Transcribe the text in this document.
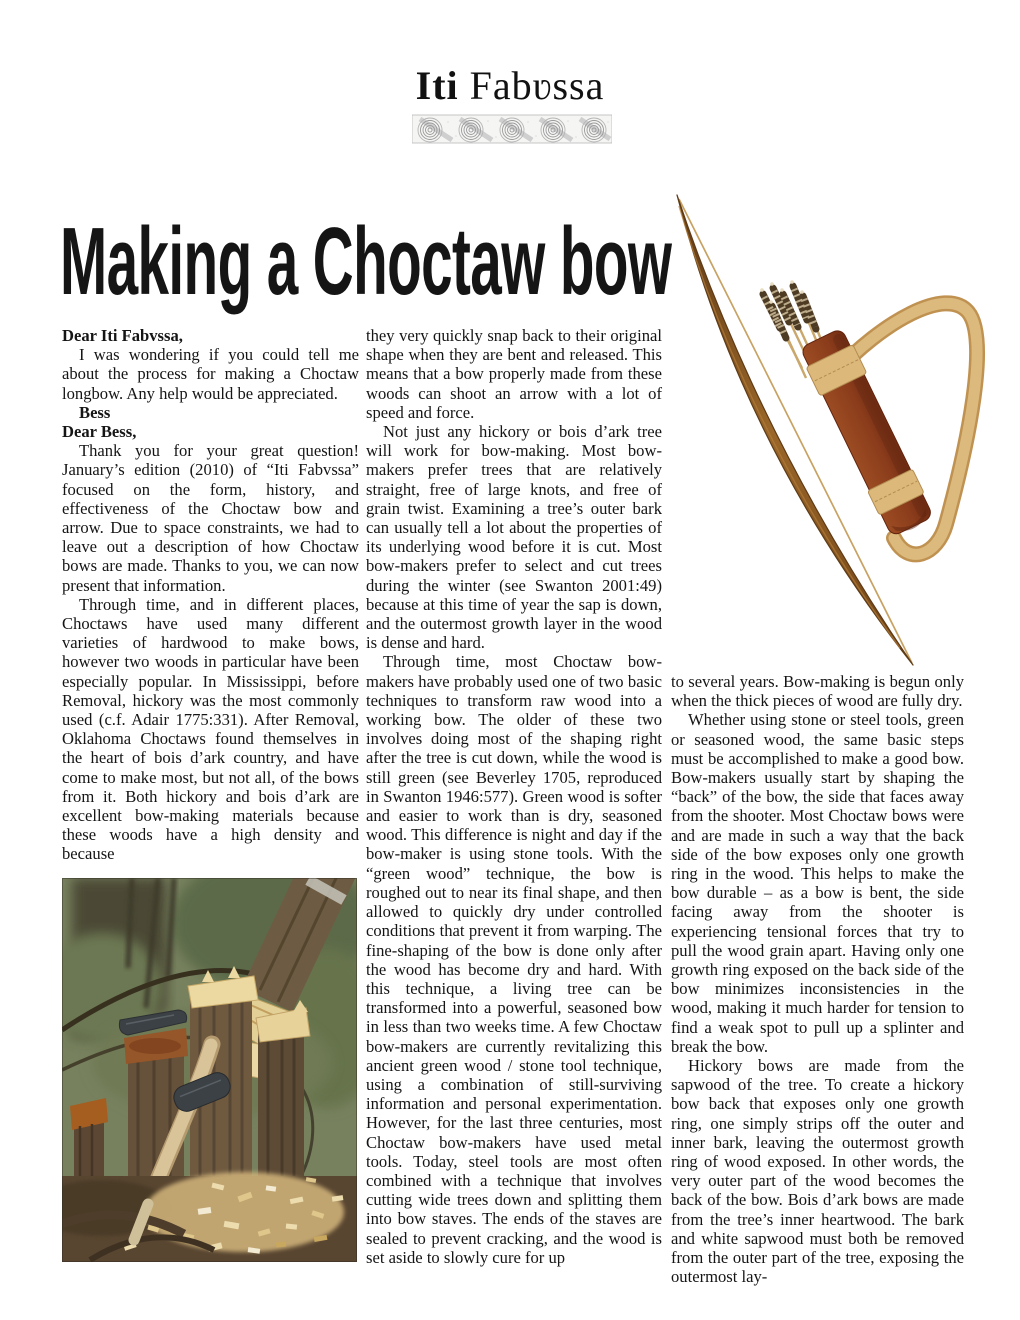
Iti Fabʋssa
Making a Choctaw bow

Dear Iti Fabvssa,

I was wondering if you could tell me about the process for making a Choctaw longbow. Any help would be appreciated.

Bess

Dear Bess,

Thank you for your great question! January’s edition (2010) of “Iti Fabvssa” focused on the form, history, and effectiveness of the Choctaw bow and arrow. Due to space constraints, we had to leave out a description of how Choctaw bows are made. Thanks to you, we can now present that information.

Through time, and in different places, Choctaws have used many different varieties of hardwood to make bows, however two woods in particular have been especially popular. In Mississippi, before Removal, hickory was the most commonly used (c.f. Adair 1775:331). After Removal, Oklahoma Choctaws found themselves in the heart of bois d’ark country, and have come to make most, but not all, of the bows from it. Both hickory and bois d’ark are excellent bow-making materials because these woods have a high density and because

they very quickly snap back to their original shape when they are bent and released. This means that a bow properly made from these woods can shoot an arrow with a lot of speed and force.

Not just any hickory or bois d’ark tree will work for bow-making. Most bow-makers prefer trees that are relatively straight, free of large knots, and free of grain twist. Examining a tree’s outer bark can usually tell a lot about the properties of its underlying wood before it is cut. Most bow-makers prefer to select and cut trees during the winter (see Swanton 2001:49) because at this time of year the sap is down, and the outermost growth layer in the wood is dense and hard.

Through time, most Choctaw bow-makers have probably used one of two basic techniques to transform raw wood into a working bow. The older of these two involves doing most of the shaping right after the tree is cut down, while the wood is still green (see Beverley 1705, reproduced in Swanton 1946:577). Green wood is softer and easier to work than is dry, seasoned wood. This difference is night and day if the bow-maker is using stone tools. With the “green wood” technique, the bow is roughed out to near its final shape, and then allowed to quickly dry under controlled conditions that prevent it from warping. The fine-shaping of the bow is done only after the wood has become dry and hard. With this technique, a living tree can be transformed into a powerful, seasoned bow in less than two weeks time. A few Choctaw bow-makers are currently revitalizing this ancient green wood / stone tool technique, using a combination of still-surviving information and personal experimentation. However, for the last three centuries, most Choctaw bow-makers have used metal tools. Today, steel tools are most often combined with a technique that involves cutting wide trees down and splitting them into bow staves. The ends of the staves are sealed to prevent cracking, and the wood is set aside to slowly cure for up

to several years. Bow-making is begun only when the thick pieces of wood are fully dry.

Whether using stone or steel tools, green or seasoned wood, the same basic steps must be accomplished to make a good bow. Bow-makers usually start by shaping the “back” of the bow, the side that faces away from the shooter. Most Choctaw bows were and are made in such a way that the back side of the bow exposes only one growth ring in the wood. This helps to make the bow durable – as a bow is bent, the side facing away from the shooter is experiencing tensional forces that try to pull the wood grain apart. Having only one growth ring exposed on the back side of the bow minimizes inconsistencies in the wood, making it much harder for tension to find a weak spot to pull up a splinter and break the bow.

Hickory bows are made from the sapwood of the tree. To create a hickory bow back that exposes only one growth ring, one simply strips off the outer and inner bark, leaving the outermost growth ring of wood exposed. In other words, the very outer part of the wood becomes the back of the bow. Bois d’ark bows are made from the tree’s inner heartwood. The bark and white sapwood must both be removed from the outer part of the tree, exposing the outermost lay-
